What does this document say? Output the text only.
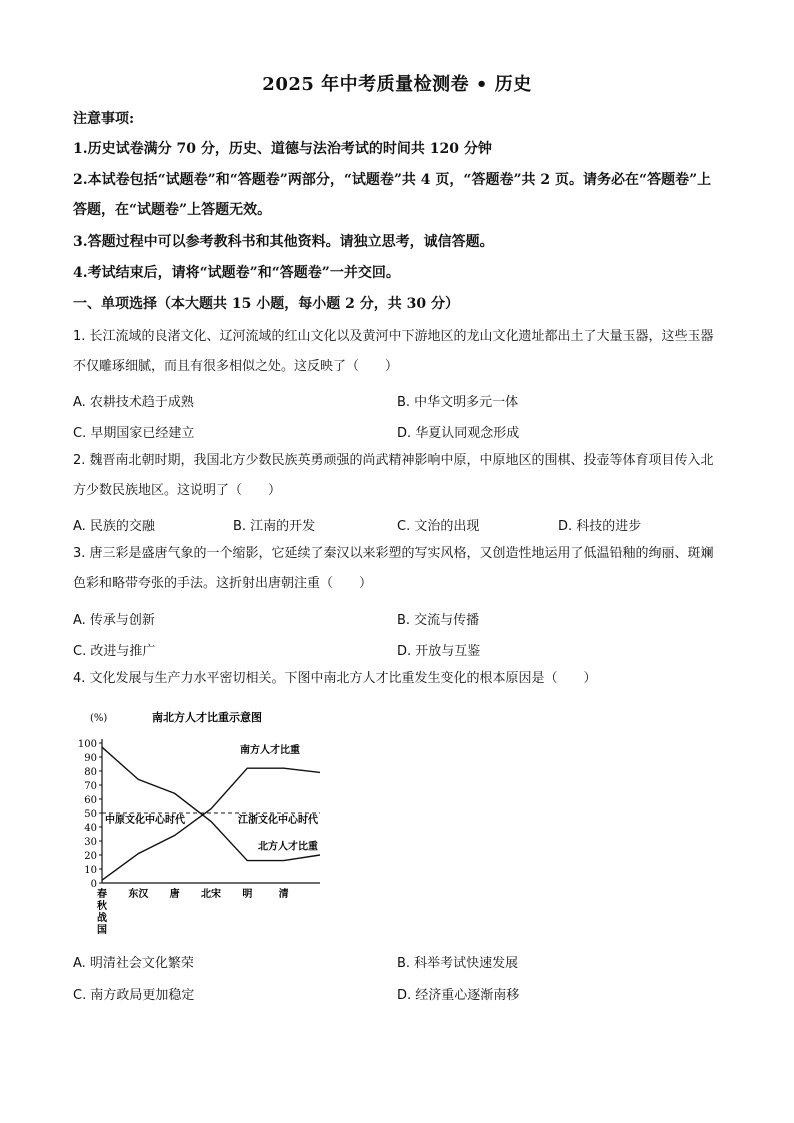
2025 年中考质量检测卷 • 历史
注意事项:
1.历史试卷满分 70 分，历史、道德与法治考试的时间共 120 分钟
2.本试卷包括“试题卷”和“答题卷”两部分，“试题卷”共 4 页，“答题卷”共 2 页。请务必在“答题卷”上答题，在“试题卷”上答题无效。
3.答题过程中可以参考教科书和其他资料。请独立思考，诚信答题。
4.考试结束后，请将“试题卷”和“答题卷”一并交回。
一、单项选择（本大题共 15 小题，每小题 2 分，共 30 分）
1. 长江流域的良渚文化、辽河流域的红山文化以及黄河中下游地区的龙山文化遗址都出土了大量玉器，这些玉器不仅雕琢细腻，而且有很多相似之处。这反映了（　　）
A. 农耕技术趋于成熟	B. 中华文明多元一体
C. 早期国家已经建立	D. 华夏认同观念形成
2. 魏晋南北朝时期，我国北方少数民族英勇顽强的尚武精神影响中原，中原地区的围棋、投壶等体育项目传入北方少数民族地区。这说明了（　　）
A. 民族的交融	B. 江南的开发	C. 文治的出现	D. 科技的进步
3. 唐三彩是盛唐气象的一个缩影，它延续了秦汉以来彩塑的写实风格，又创造性地运用了低温铅釉的绚丽、斑斓色彩和略带夸张的手法。这折射出唐朝注重（　　）
A. 传承与创新	B. 交流与传播
C. 改进与推广	D. 开放与互鉴
4. 文化发展与生产力水平密切相关。下图中南北方人才比重发生变化的根本原因是（　　）
(%)	南北方人才比重示意图
0
10
20
30
40
50
60
70
80
90
100
春
秋
战
国
东汉 唐 北宋 明	清
南方人才比重
北方人才比重
中原文化中心时代	江浙文化中心时代
A. 明清社会文化繁荣	B. 科举考试快速发展
C. 南方政局更加稳定	D. 经济重心逐渐南移
